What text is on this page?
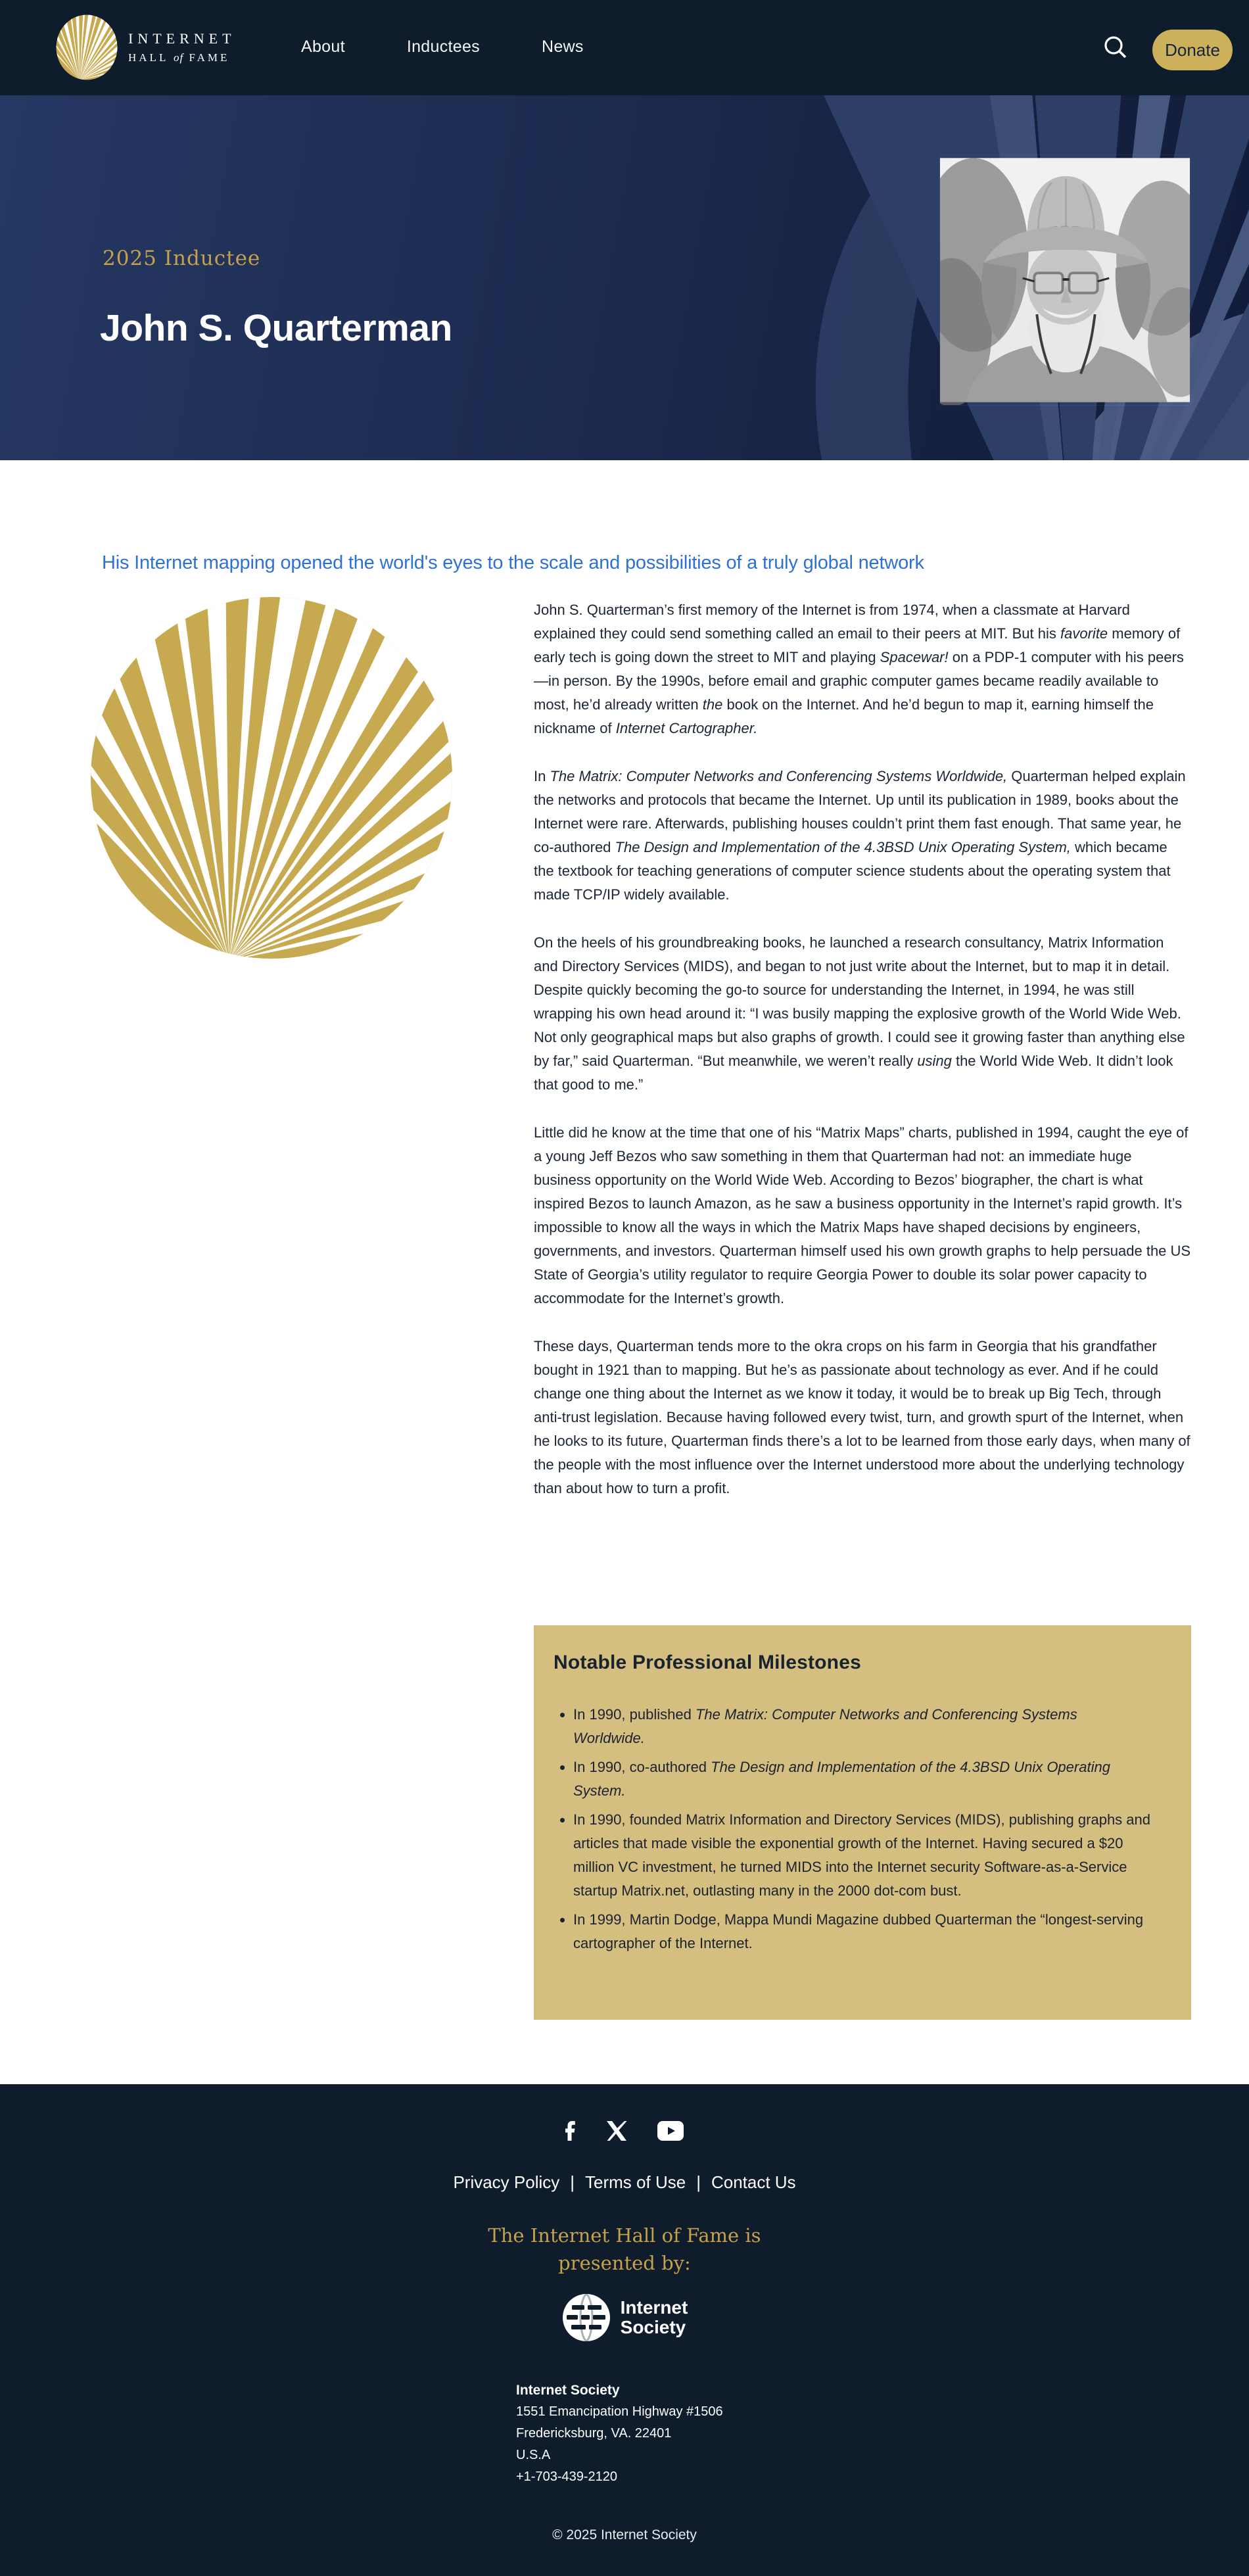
INTERNET
HALL of FAME
About	Inductees	News	Donate
2025 Inductee
John S. Quarterman
His Internet mapping opened the world's eyes to the scale and possibilities of a truly global network

John S. Quarterman’s first memory of the Internet is from 1974, when a classmate at Harvard explained they could send something called an email to their peers at MIT. But his favorite memory of early tech is going down the street to MIT and playing Spacewar! on a PDP-1 computer with his peers—in person. By the 1990s, before email and graphic computer games became readily available to most, he’d already written the book on the Internet. And he’d begun to map it, earning himself the nickname of Internet Cartographer.

In The Matrix: Computer Networks and Conferencing Systems Worldwide, Quarterman helped explain the networks and protocols that became the Internet. Up until its publication in 1989, books about the Internet were rare. Afterwards, publishing houses couldn’t print them fast enough. That same year, he co-authored The Design and Implementation of the 4.3BSD Unix Operating System, which became the textbook for teaching generations of computer science students about the operating system that made TCP/IP widely available.

On the heels of his groundbreaking books, he launched a research consultancy, Matrix Information and Directory Services (MIDS), and began to not just write about the Internet, but to map it in detail. Despite quickly becoming the go-to source for understanding the Internet, in 1994, he was still wrapping his own head around it: “I was busily mapping the explosive growth of the World Wide Web. Not only geographical maps but also graphs of growth. I could see it growing faster than anything else by far,” said Quarterman. “But meanwhile, we weren’t really using the World Wide Web. It didn’t look that good to me.”

Little did he know at the time that one of his “Matrix Maps” charts, published in 1994, caught the eye of a young Jeff Bezos who saw something in them that Quarterman had not: an immediate huge business opportunity on the World Wide Web. According to Bezos’ biographer, the chart is what inspired Bezos to launch Amazon, as he saw a business opportunity in the Internet’s rapid growth. It’s impossible to know all the ways in which the Matrix Maps have shaped decisions by engineers, governments, and investors. Quarterman himself used his own growth graphs to help persuade the US State of Georgia’s utility regulator to require Georgia Power to double its solar power capacity to accommodate for the Internet’s growth.

These days, Quarterman tends more to the okra crops on his farm in Georgia that his grandfather bought in 1921 than to mapping. But he’s as passionate about technology as ever. And if he could change one thing about the Internet as we know it today, it would be to break up Big Tech, through anti-trust legislation. Because having followed every twist, turn, and growth spurt of the Internet, when he looks to its future, Quarterman finds there’s a lot to be learned from those early days, when many of the people with the most influence over the Internet understood more about the underlying technology than about how to turn a profit.

Notable Professional Milestones
• In 1990, published The Matrix: Computer Networks and Conferencing Systems Worldwide.
• In 1990, co-authored The Design and Implementation of the 4.3BSD Unix Operating System.
• In 1990, founded Matrix Information and Directory Services (MIDS), publishing graphs and articles that made visible the exponential growth of the Internet. Having secured a $20 million VC investment, he turned MIDS into the Internet security Software-as-a-Service startup Matrix.net, outlasting many in the 2000 dot-com bust.
• In 1999, Martin Dodge, Mappa Mundi Magazine dubbed Quarterman the “longest-serving cartographer of the Internet.
Privacy Policy | Terms of Use | Contact Us
The Internet Hall of Fame is
presented by:
Internet
Society
Internet Society
1551 Emancipation Highway #1506
Fredericksburg, VA. 22401
U.S.A
+1-703-439-2120
© 2025 Internet Society
